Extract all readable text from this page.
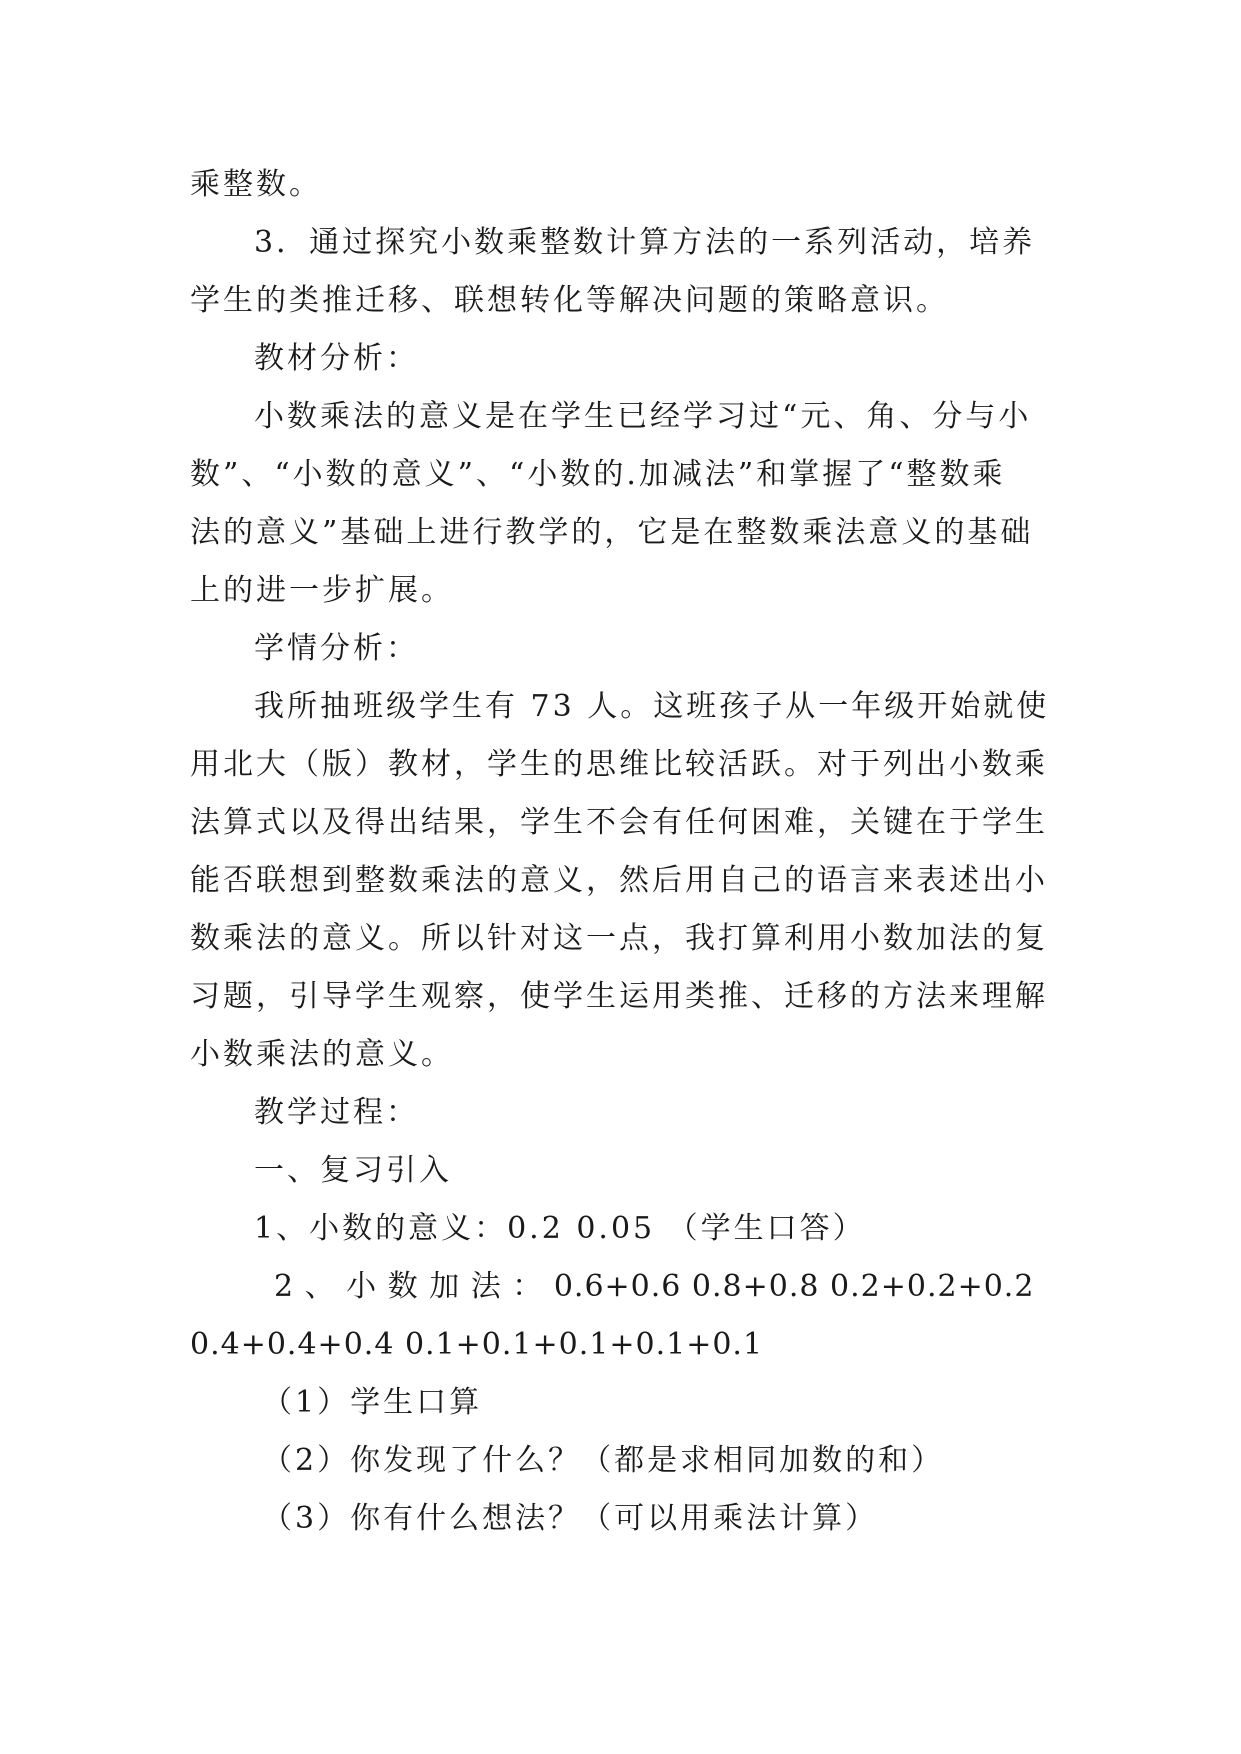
乘整数。
3．通过探究小数乘整数计算方法的一系列活动，培养
学生的类推迁移、联想转化等解决问题的策略意识。
教材分析：
小数乘法的意义是在学生已经学习过“元、角、分与小
数”、“小数的意义”、“小数的.加减法”和掌握了“整数乘
法的意义”基础上进行教学的，它是在整数乘法意义的基础
上的进一步扩展。
学情分析：
我所抽班级学生有 73 人。这班孩子从一年级开始就使
用北大（版）教材，学生的思维比较活跃。对于列出小数乘
法算式以及得出结果，学生不会有任何困难，关键在于学生
能否联想到整数乘法的意义，然后用自己的语言来表述出小
数乘法的意义。所以针对这一点，我打算利用小数加法的复
习题，引导学生观察，使学生运用类推、迁移的方法来理解
小数乘法的意义。
教学过程：
一、复习引入
1、小数的意义：0.2 0.05 （学生口答）
2 、 小 数 加 法 ： 0.6+0.6 0.8+0.8 0.2+0.2+0.2
0.4+0.4+0.4 0.1+0.1+0.1+0.1+0.1
（1）学生口算
（2）你发现了什么？（都是求相同加数的和）
（3）你有什么想法？（可以用乘法计算）
